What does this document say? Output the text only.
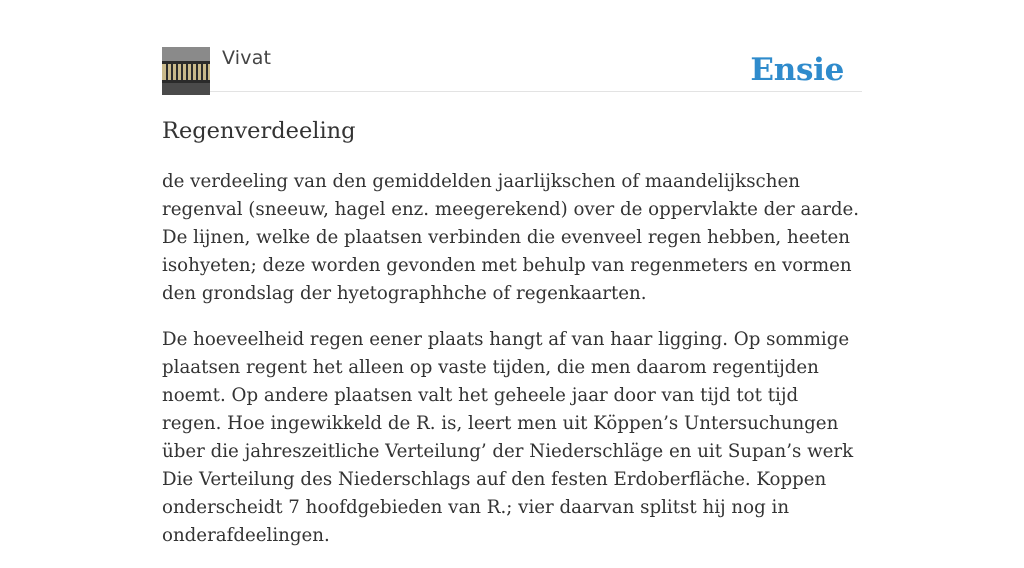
Vivat	Ensie
Regenverdeeling

de verdeeling van den gemiddelden jaarlijkschen of maandelijkschen regenval (sneeuw, hagel enz. meegerekend) over de oppervlakte der aarde. De lijnen, welke de plaatsen verbinden die evenveel regen hebben, heeten isohyeten; deze worden gevonden met behulp van regenmeters en vormen den grondslag der hyetographhche of regenkaarten.

De hoeveelheid regen eener plaats hangt af van haar ligging. Op sommige plaatsen regent het alleen op vaste tijden, die men daarom regentijden noemt. Op andere plaatsen valt het geheele jaar door van tijd tot tijd regen. Hoe ingewikkeld de R. is, leert men uit Köppen’s Untersuchungen über die jahreszeitliche Verteilung’ der Niederschläge en uit Supan’s werk Die Verteilung des Niederschlags auf den festen Erdoberfläche. Koppen onderscheidt 7 hoofdgebieden van R.; vier daarvan splitst hij nog in onderafdeelingen.
